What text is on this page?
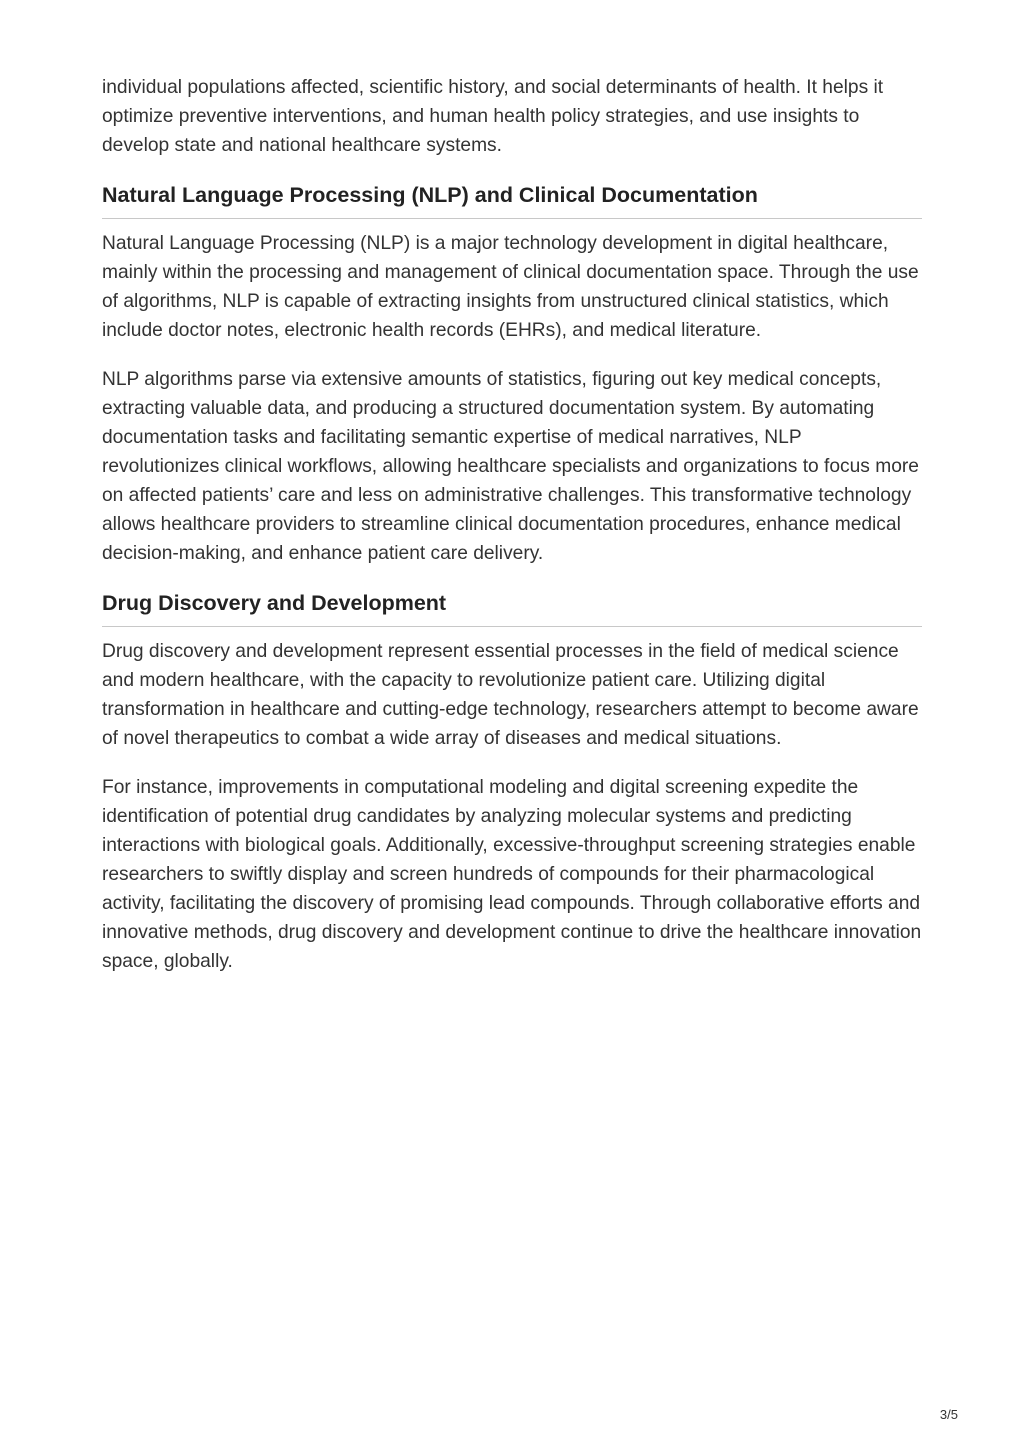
individual populations affected, scientific history, and social determinants of health. It helps it optimize preventive interventions, and human health policy strategies, and use insights to develop state and national healthcare systems.

Natural Language Processing (NLP) and Clinical Documentation

Natural Language Processing (NLP) is a major technology development in digital healthcare, mainly within the processing and management of clinical documentation space. Through the use of algorithms, NLP is capable of extracting insights from unstructured clinical statistics, which include doctor notes, electronic health records (EHRs), and medical literature.

NLP algorithms parse via extensive amounts of statistics, figuring out key medical concepts, extracting valuable data, and producing a structured documentation system. By automating documentation tasks and facilitating semantic expertise of medical narratives, NLP revolutionizes clinical workflows, allowing healthcare specialists and organizations to focus more on affected patients’ care and less on administrative challenges. This transformative technology allows healthcare providers to streamline clinical documentation procedures, enhance medical decision-making, and enhance patient care delivery.

Drug Discovery and Development

Drug discovery and development represent essential processes in the field of medical science and modern healthcare, with the capacity to revolutionize patient care. Utilizing digital transformation in healthcare and cutting-edge technology, researchers attempt to become aware of novel therapeutics to combat a wide array of diseases and medical situations.

For instance, improvements in computational modeling and digital screening expedite the identification of potential drug candidates by analyzing molecular systems and predicting interactions with biological goals. Additionally, excessive-throughput screening strategies enable researchers to swiftly display and screen hundreds of compounds for their pharmacological activity, facilitating the discovery of promising lead compounds. Through collaborative efforts and innovative methods, drug discovery and development continue to drive the healthcare innovation space, globally.

3/5
